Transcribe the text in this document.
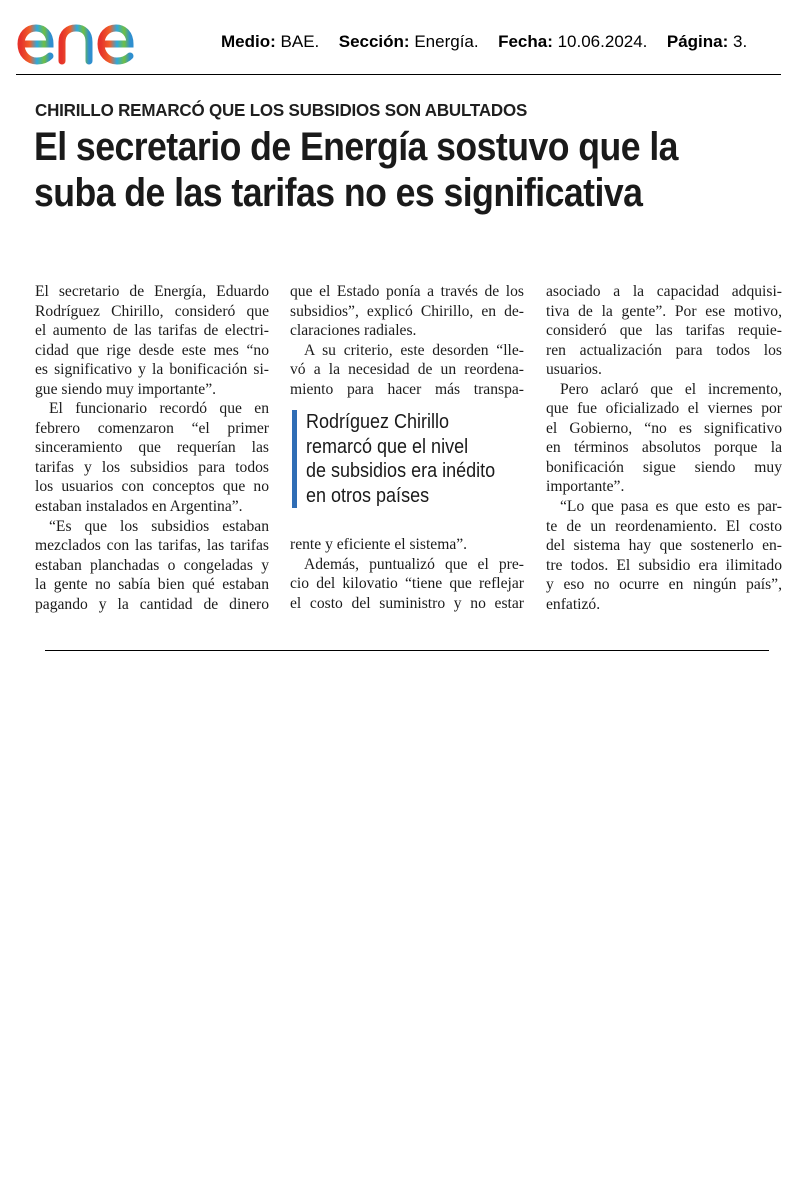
Medio: BAE. Sección: Energía. Fecha: 10.06.2024. Página: 3.
CHIRILLO REMARCÓ QUE LOS SUBSIDIOS SON ABULTADOS
El secretario de Energía sostuvo que la
suba de las tarifas no es significativa
El secretario de Energía, Eduardo
Rodríguez Chirillo, consideró que
el aumento de las tarifas de electri-
cidad que rige desde este mes “no
es significativo y la bonificación si-
gue siendo muy importante”.
El funcionario recordó que en
febrero comenzaron “el primer
sinceramiento que requerían las
tarifas y los subsidios para todos
los usuarios con conceptos que no
estaban instalados en Argentina”.
“Es que los subsidios estaban
mezclados con las tarifas, las tarifas
estaban planchadas o congeladas y
la gente no sabía bien qué estaban
pagando y la cantidad de dinero
que el Estado ponía a través de los
subsidios”, explicó Chirillo, en de-
claraciones radiales.
A su criterio, este desorden “lle-
vó a la necesidad de un reordena-
miento para hacer más transpa-
Rodríguez Chirillo
remarcó que el nivel
de subsidios era inédito
en otros países
rente y eficiente el sistema”.
Además, puntualizó que el pre-
cio del kilovatio “tiene que reflejar
el costo del suministro y no estar
asociado a la capacidad adquisi-
tiva de la gente”. Por ese motivo,
consideró que las tarifas requie-
ren actualización para todos los
usuarios.
Pero aclaró que el incremento,
que fue oficializado el viernes por
el Gobierno, “no es significativo
en términos absolutos porque la
bonificación sigue siendo muy
importante”.
“Lo que pasa es que esto es par-
te de un reordenamiento. El costo
del sistema hay que sostenerlo en-
tre todos. El subsidio era ilimitado
y eso no ocurre en ningún país”,
enfatizó.
